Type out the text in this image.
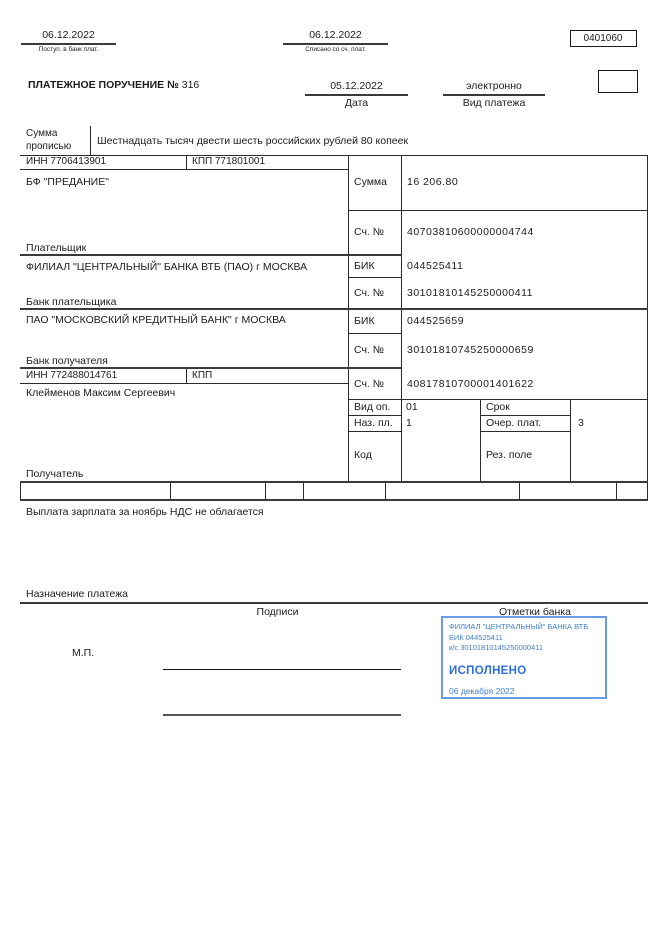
06.12.2022
Поступ. в банк плат.
06.12.2022
Списано со сч. плат.
0401060
ПЛАТЕЖНОЕ ПОРУЧЕНИЕ № 316	05.12.2022
Дата
электронно
Вид платежа
Сумма прописью	Шестнадцать тысяч двести шесть российских рублей 80 копеек
ИНН 7706413901	КПП 771801001
БФ "ПРЕДАНИЕ"
Плательщик
ФИЛИАЛ "ЦЕНТРАЛЬНЫЙ" БАНКА ВТБ (ПАО) г МОСКВА
Банк плательщика
ПАО "МОСКОВСКИЙ КРЕДИТНЫЙ БАНК" г МОСКВА
Банк получателя
ИНН 772488014761	КПП
Клейменов Максим Сергеевич
Получатель
Сумма 16 206.80
Сч. № 40703810600000004744
БИК	044525411
Сч. № 30101810145250000411
БИК	044525659
Сч. № 30101810745250000659
Сч. № 40817810700001401622
Вид оп. 01	Срок
Наз. пл. 1	Очер. плат.	3
Код	Рез. поле
Выплата зарплата за ноябрь НДС не облагается
Назначение платежа
Подписи	Отметки банка
М.П.
ФИЛИАЛ "ЦЕНТРАЛЬНЫЙ" БАНКА ВТБ
БИК 044525411
к/с 30101810145250000411
ИСПОЛНЕНО
06 декабря 2022
